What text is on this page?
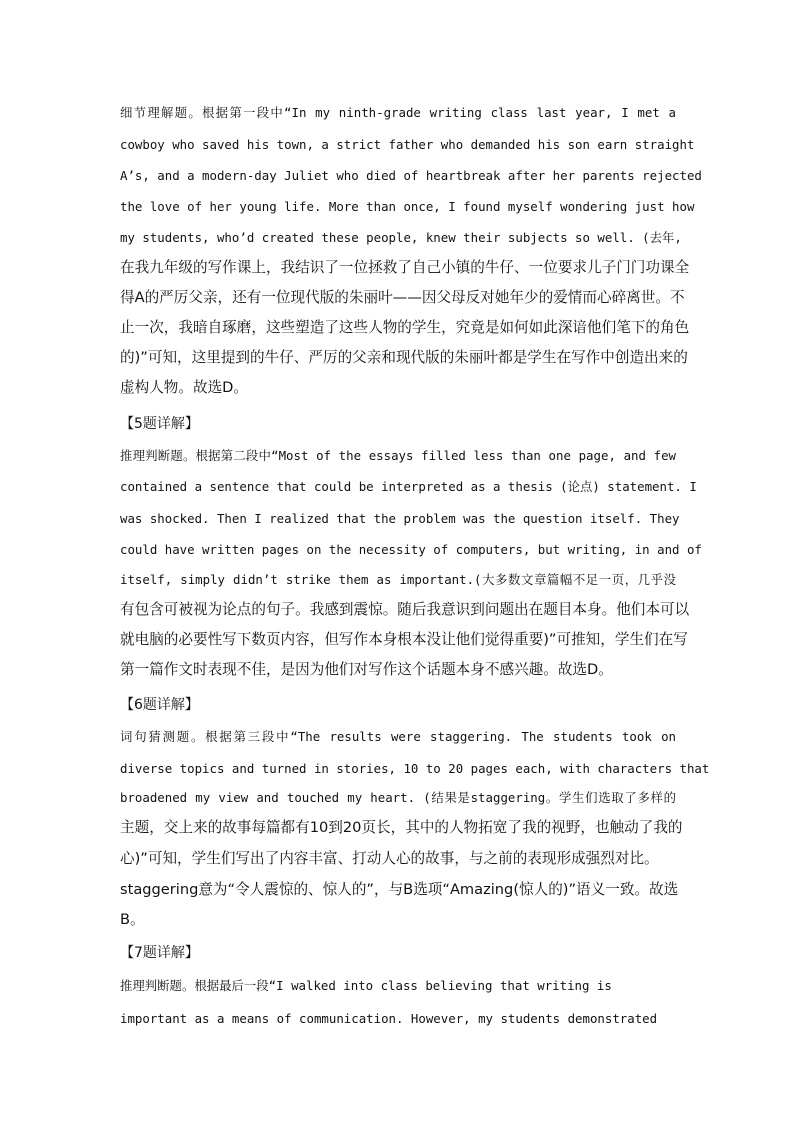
细节理解题。根据第一段中“In my ninth-grade writing class last year, I met a
cowboy who saved his town, a strict father who demanded his son earn straight
A’s, and a modern-day Juliet who died of heartbreak after her parents rejected
the love of her young life. More than once, I found myself wondering just how
my students, who’d created these people, knew their subjects so well. (去年,
在我九年级的写作课上，我结识了一位拯救了自己小镇的牛仔、一位要求儿子门门功课全
得A的严厉父亲，还有一位现代版的朱丽叶——因父母反对她年少的爱情而心碎离世。不
止一次，我暗自琢磨，这些塑造了这些人物的学生，究竟是如何如此深谙他们笔下的角色
的)”可知，这里提到的牛仔、严厉的父亲和现代版的朱丽叶都是学生在写作中创造出来的
虚构人物。故选D。
【5题详解】
推理判断题。根据第二段中“Most of the essays filled less than one page, and few
contained a sentence that could be interpreted as a thesis (论点) statement. I
was shocked. Then I realized that the problem was the question itself. They
could have written pages on the necessity of computers, but writing, in and of
itself, simply didn’t strike them as important.(大多数文章篇幅不足一页，几乎没
有包含可被视为论点的句子。我感到震惊。随后我意识到问题出在题目本身。他们本可以
就电脑的必要性写下数页内容，但写作本身根本没让他们觉得重要)”可推知，学生们在写
第一篇作文时表现不佳，是因为他们对写作这个话题本身不感兴趣。故选D。
【6题详解】
词句猜测题。根据第三段中“The results were staggering. The students took on
diverse topics and turned in stories, 10 to 20 pages each, with characters that
broadened my view and touched my heart. (结果是staggering。学生们选取了多样的
主题，交上来的故事每篇都有10到20页长，其中的人物拓宽了我的视野，也触动了我的
心)”可知，学生们写出了内容丰富、打动人心的故事，与之前的表现形成强烈对比。
staggering意为“令人震惊的、惊人的”，与B选项“Amazing(惊人的)”语义一致。故选
B。
【7题详解】
推理判断题。根据最后一段“I walked into class believing that writing is
important as a means of communication. However, my students demonstrated
